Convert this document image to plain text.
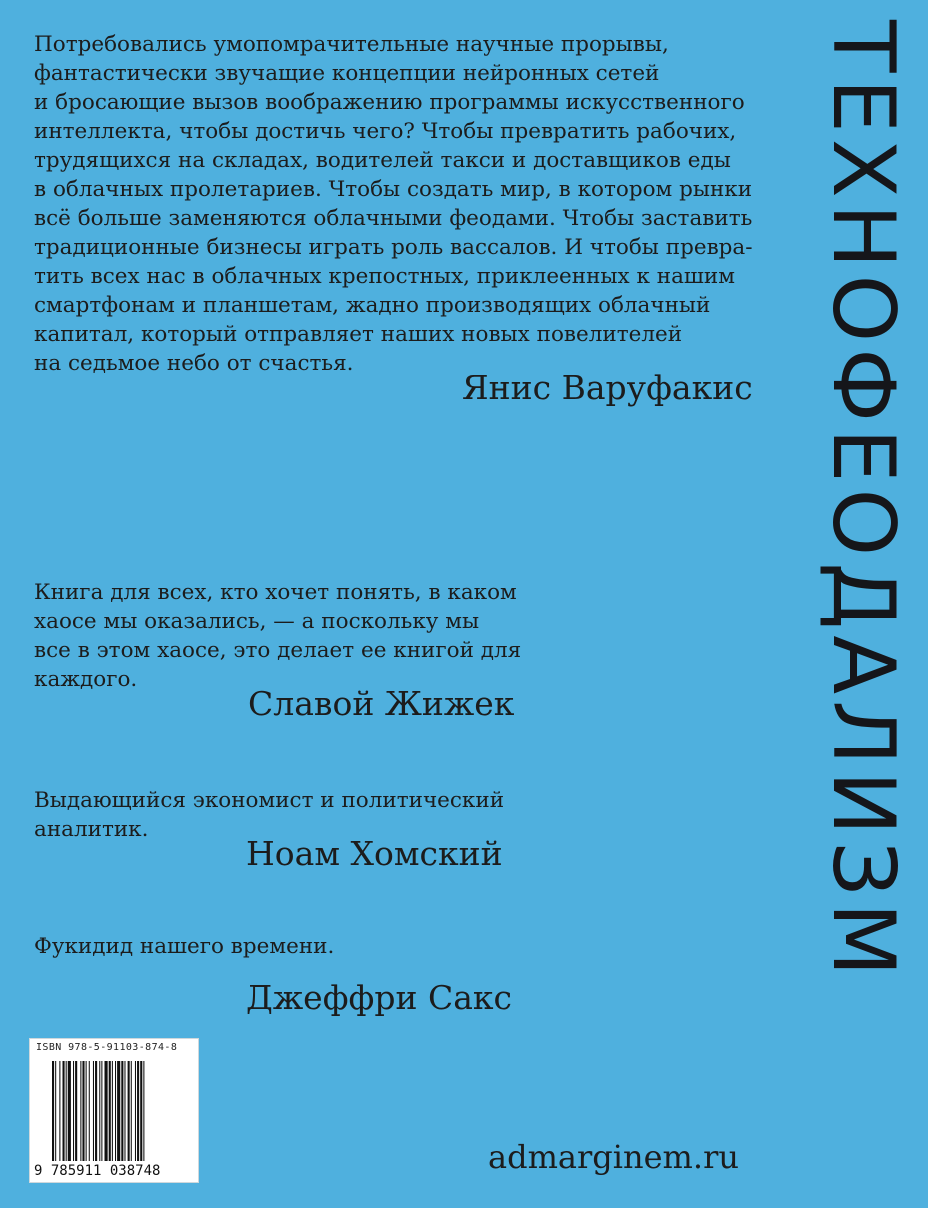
Потребовались умопомрачительные научные прорывы,
фантастически звучащие концепции нейронных сетей
и бросающие вызов воображению программы искусственного
интеллекта, чтобы достичь чего? Чтобы превратить рабочих,
трудящихся на складах, водителей такси и доставщиков еды
в облачных пролетариев. Чтобы создать мир, в котором рынки
всё больше заменяются облачными феодами. Чтобы заставить
традиционные бизнесы играть роль вассалов. И чтобы превра-
тить всех нас в облачных крепостных, приклеенных к нашим
смартфонам и планшетам, жадно производящих облачный
капитал, который отправляет наших новых повелителей
на седьмое небо от счастья.
Янис Варуфакис
Книга для всех, кто хочет понять, в каком
хаосе мы оказались, — а поскольку мы
все в этом хаосе, это делает ее книгой для
каждого.
Славой Жижек
Выдающийся экономист и политический
аналитик.
Ноам Хомский
Фукидид нашего времени.
Джеффри Сакс
ТЕХНОФЕОДАЛИЗМ
ISBN 978-5-91103-874-8
9 785911 038748	admarginem.ru
